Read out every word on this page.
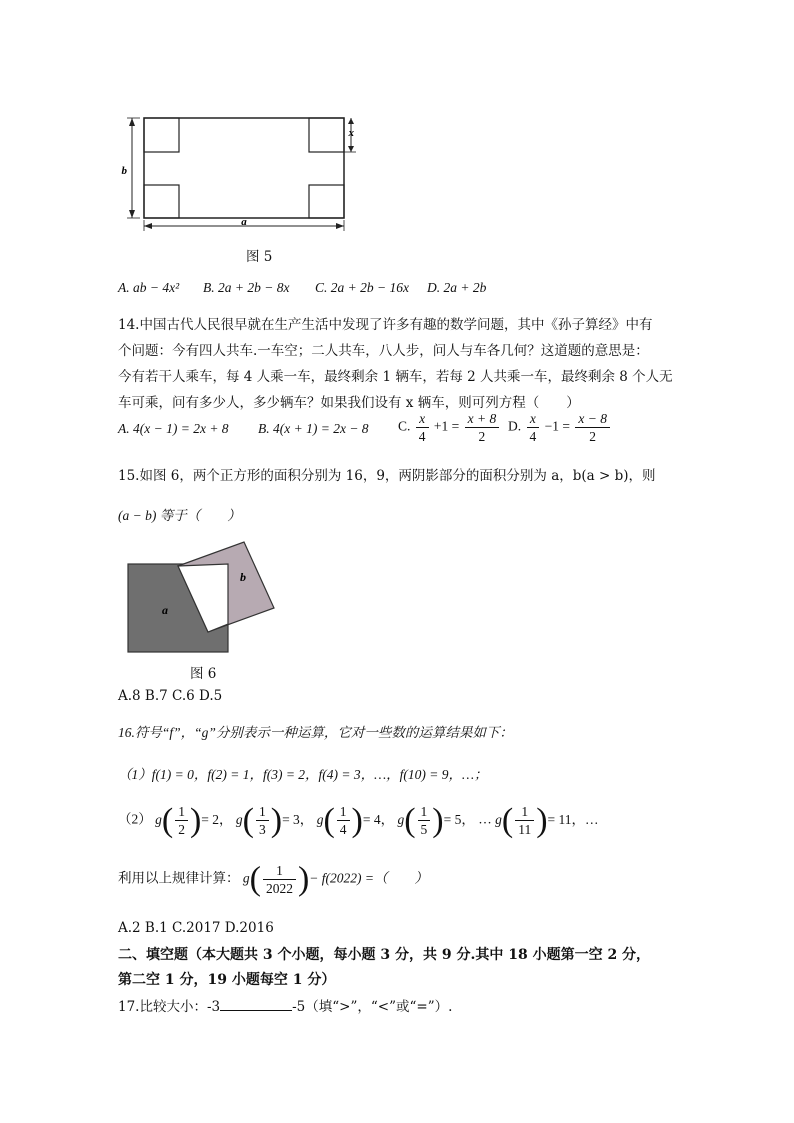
b
a
x
图 5
A. ab − 4x² B. 2a + 2b − 8x C. 2a + 2b − 16x D. 2a + 2b
14.中国古代人民很早就在生产生活中发现了许多有趣的数学问题，其中《孙子算经》中有
个问题：今有四人共车.一车空；二人共车，八人步，问人与车各几何？这道题的意思是：
今有若干人乘车，每 4 人乘一车，最终剩余 1 辆车，若每 2 人共乘一车，最终剩余 8 个人无
车可乘，问有多少人，多少辆车？如果我们设有 x 辆车，则可列方程（　　）
A. 4(x − 1) = 2x + 8 B. 4(x + 1) = 2x − 8 C. $\frac{x}{4} +1 = \frac{x + 8}{2} D$. $\frac{x}{4} -1 = \frac{x - 8}{2}$
15.如图 6，两个正方形的面积分别为 16，9，两阴影部分的面积分别为 a，b(a > b)，则
(a − b) 等于（　　）
a
b
图 6
A.8 B.7 C.6 D.5
16.符号“f”，“g”分别表示一种运算，它对一些数的运算结果如下：
（1）f(1) = 0，f(2) = 1，f(3) = 2，f(4) = 3，…，f(10) = 9，…；
（2） $g( \frac{1}{2}$ )= 2， $g( \frac{1}{3}$ )= 3， $g( \frac{1}{4}$ )= 4， $g( \frac{1}{5}$ )= 5， … $g( \frac{1}{11}$ )= 11，…
利用以上规律计算： $g( \frac{1}{2022}$ )− f(2022) =（　　）
A.2 B.1 C.2017 D.2016
二、填空题（本大题共 3 个小题，每小题 3 分，共 9 分.其中 18 小题第一空 2 分，
第二空 1 分，19 小题每空 1 分）
17.比较大小：-3	-5（填“>”，“<”或“=”）.
